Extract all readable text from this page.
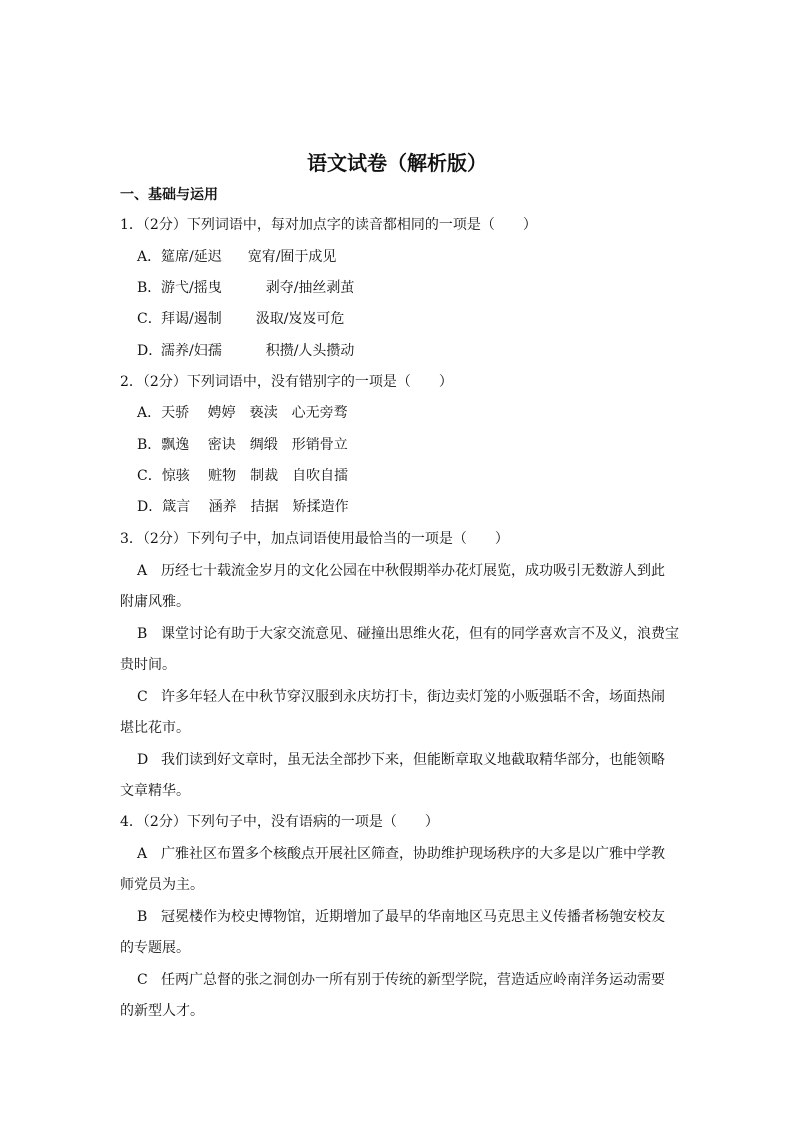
语文试卷（解析版）
一、基础与运用
1．（2分）下列词语中，每对加点字的读音都相同的一项是（　　）
A．筵席/延迟 宽宥/囿于成见
B．游弋/摇曳	剥夺/抽丝剥茧
C．拜谒/遏制 汲取/岌岌可危
D．濡养/妇孺	积攒/人头攒动
2．（2分）下列词语中，没有错别字的一项是（　　）
A．天骄　 娉婷　亵渎　心无旁骛
B．飘逸　 密诀　绸缎　形销骨立
C．惊骇　 赃物　制裁　自吹自擂
D．箴言　 涵养　拮据　矫揉造作
3．（2分）下列句子中，加点词语使用最恰当的一项是（　　）
A 历经七十载流金岁月的文化公园在中秋假期举办花灯展览，成功吸引无数游人到此
附庸风雅。
B 课堂讨论有助于大家交流意见、碰撞出思维火花，但有的同学喜欢言不及义，浪费宝
贵时间。
C 许多年轻人在中秋节穿汉服到永庆坊打卡，街边卖灯笼的小贩强聒不舍，场面热闹
堪比花市。
D 我们读到好文章时，虽无法全部抄下来，但能断章取义地截取精华部分，也能领略
文章精华。
4．（2分）下列句子中，没有语病的一项是（　　）
A 广雅社区布置多个核酸点开展社区筛查，协助维护现场秩序的大多是以广雅中学教
师党员为主。
B 冠冕楼作为校史博物馆，近期增加了最早的华南地区马克思主义传播者杨匏安校友
的专题展。
C 任两广总督的张之洞创办一所有别于传统的新型学院，营造适应岭南洋务运动需要
的新型人才。
